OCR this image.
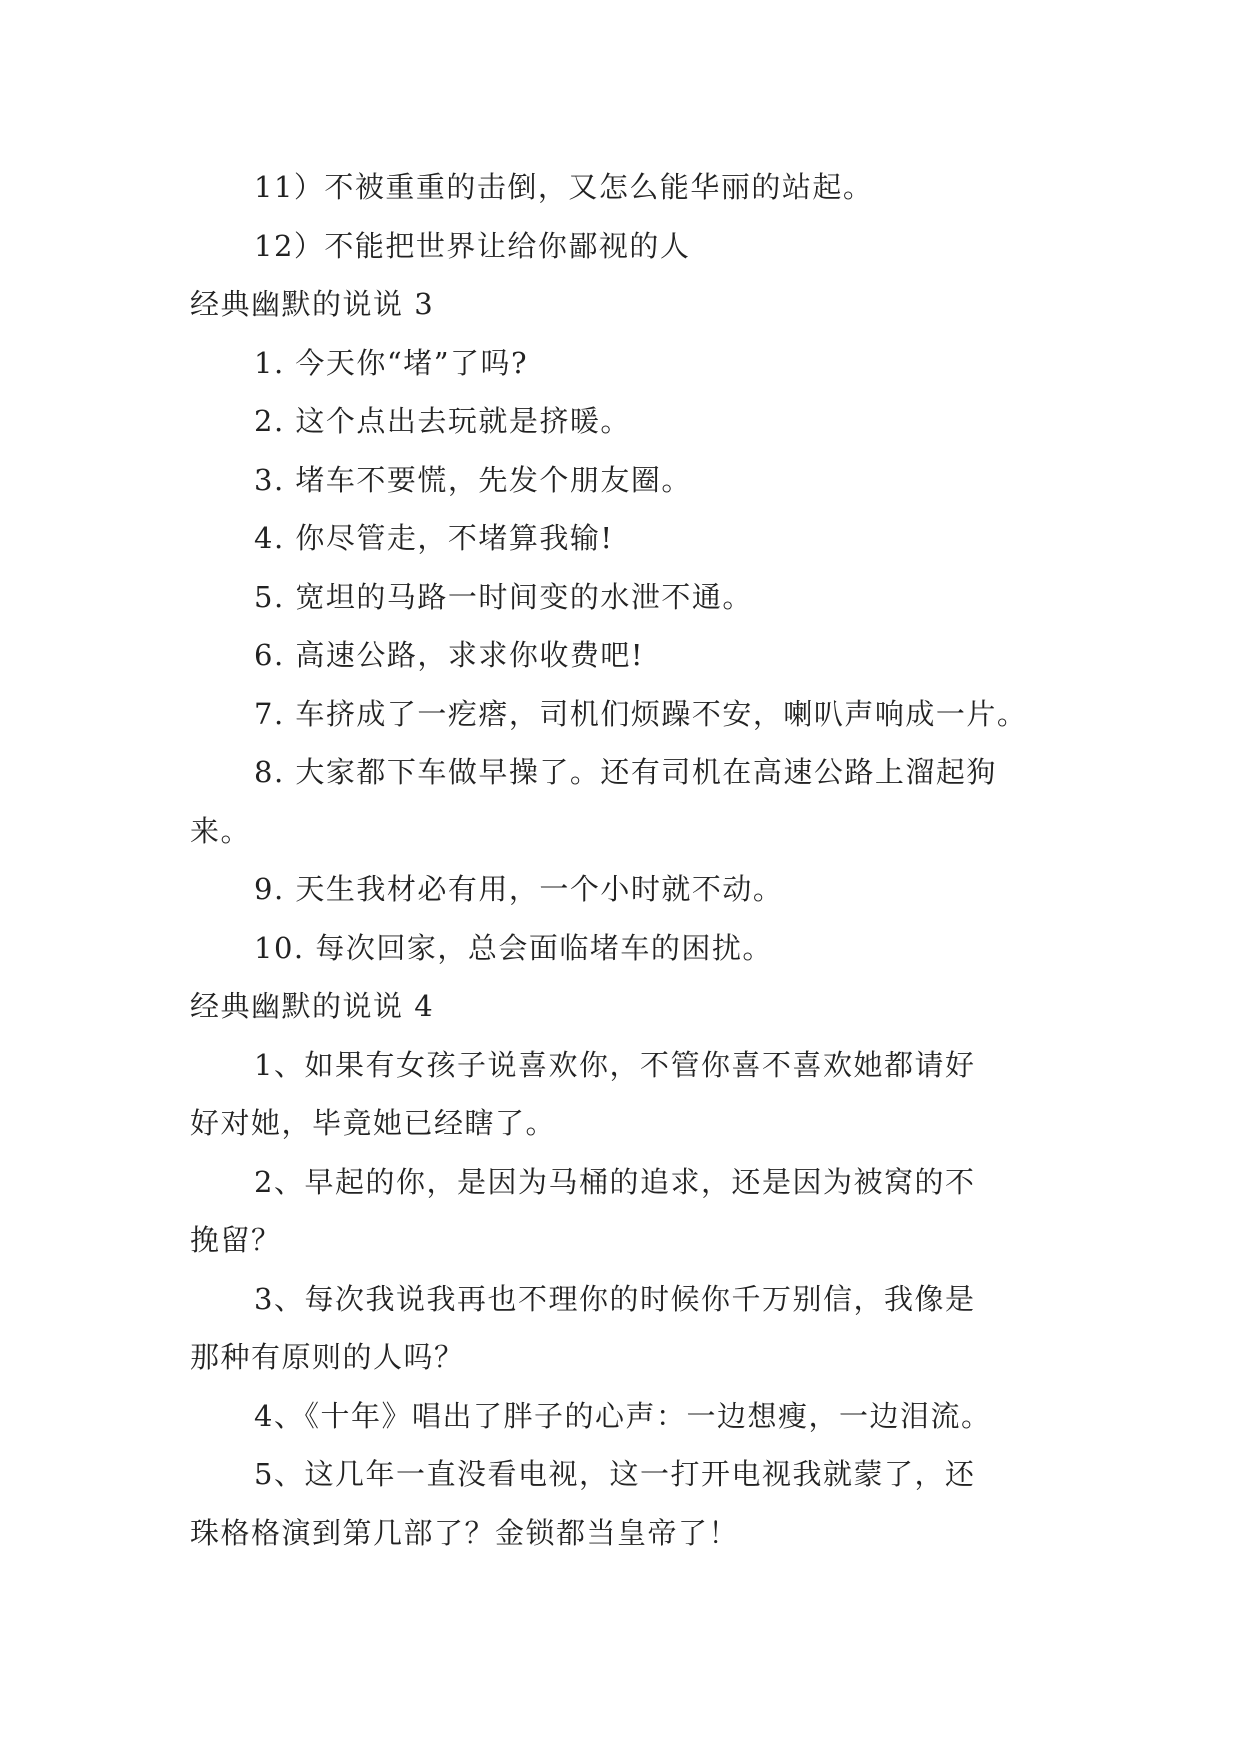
11）不被重重的击倒，又怎么能华丽的站起。
12）不能把世界让给你鄙视的人
经典幽默的说说 3
1. 今天你“堵”了吗?
2. 这个点出去玩就是挤暖。
3. 堵车不要慌，先发个朋友圈。
4. 你尽管走，不堵算我输!
5. 宽坦的马路一时间变的水泄不通。
6. 高速公路，求求你收费吧!
7. 车挤成了一疙瘩，司机们烦躁不安，喇叭声响成一片。
8. 大家都下车做早操了。还有司机在高速公路上溜起狗
来。
9. 天生我材必有用，一个小时就不动。
10. 每次回家，总会面临堵车的困扰。
经典幽默的说说 4
1、如果有女孩子说喜欢你，不管你喜不喜欢她都请好
好对她，毕竟她已经瞎了。
2、早起的你，是因为马桶的追求，还是因为被窝的不
挽留？
3、每次我说我再也不理你的时候你千万别信，我像是
那种有原则的人吗？
4、《十年》唱出了胖子的心声：一边想瘦，一边泪流。
5、这几年一直没看电视，这一打开电视我就蒙了，还
珠格格演到第几部了？金锁都当皇帝了！
